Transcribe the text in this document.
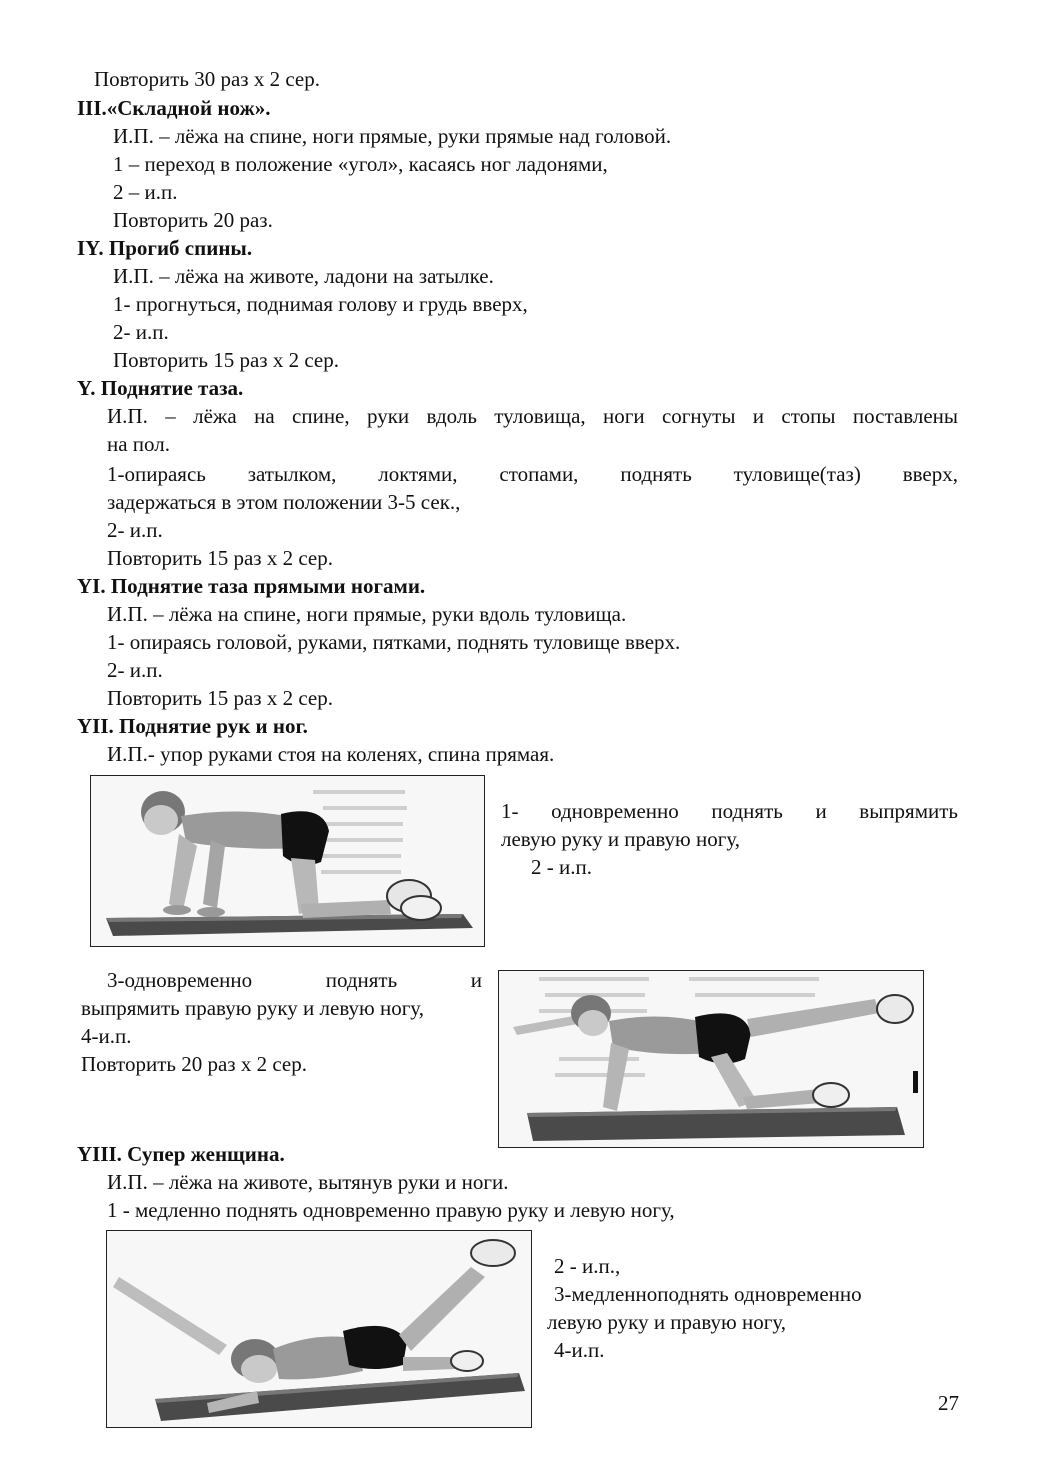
Повторить 30 раз х 2 сер.
III.«Складной нож».
И.П. – лёжа на спине, ноги прямые, руки прямые над головой.
1 – переход в положение «угол», касаясь ног ладонями,
2 – и.п.
Повторить 20 раз.
IY. Прогиб спины.
И.П. – лёжа на животе, ладони на затылке.
1- прогнуться, поднимая голову и грудь вверх,
2- и.п.
Повторить 15 раз х 2 сер.
Y. Поднятие таза.
И.П. – лёжа на спине, руки вдоль туловища, ноги согнуты и стопы поставлены
на пол.
1-опираясь затылком, локтями, стопами, поднять туловище(таз) вверх,
задержаться в этом положении 3-5 сек.,
2- и.п.
Повторить 15 раз х 2 сер.
YI. Поднятие таза прямыми ногами.
И.П. – лёжа на спине, ноги прямые, руки вдоль туловища.
1- опираясь головой, руками, пятками, поднять туловище вверх.
2- и.п.
Повторить 15 раз х 2 сер.
YII. Поднятие рук и ног.
И.П.- упор руками стоя на коленях, спина прямая.
1- одновременно поднять и выпрямить
левую руку и правую ногу,
2 - и.п.
3-одновременно поднять и
выпрямить правую руку и левую ногу,
4-и.п.
Повторить 20 раз х 2 сер.
YIII. Супер женщина.
И.П. – лёжа на животе, вытянув руки и ноги.
1 - медленно поднять одновременно правую руку и левую ногу,
2 - и.п.,
3-медленноподнять одновременно
левую руку и правую ногу,
4-и.п.
27
